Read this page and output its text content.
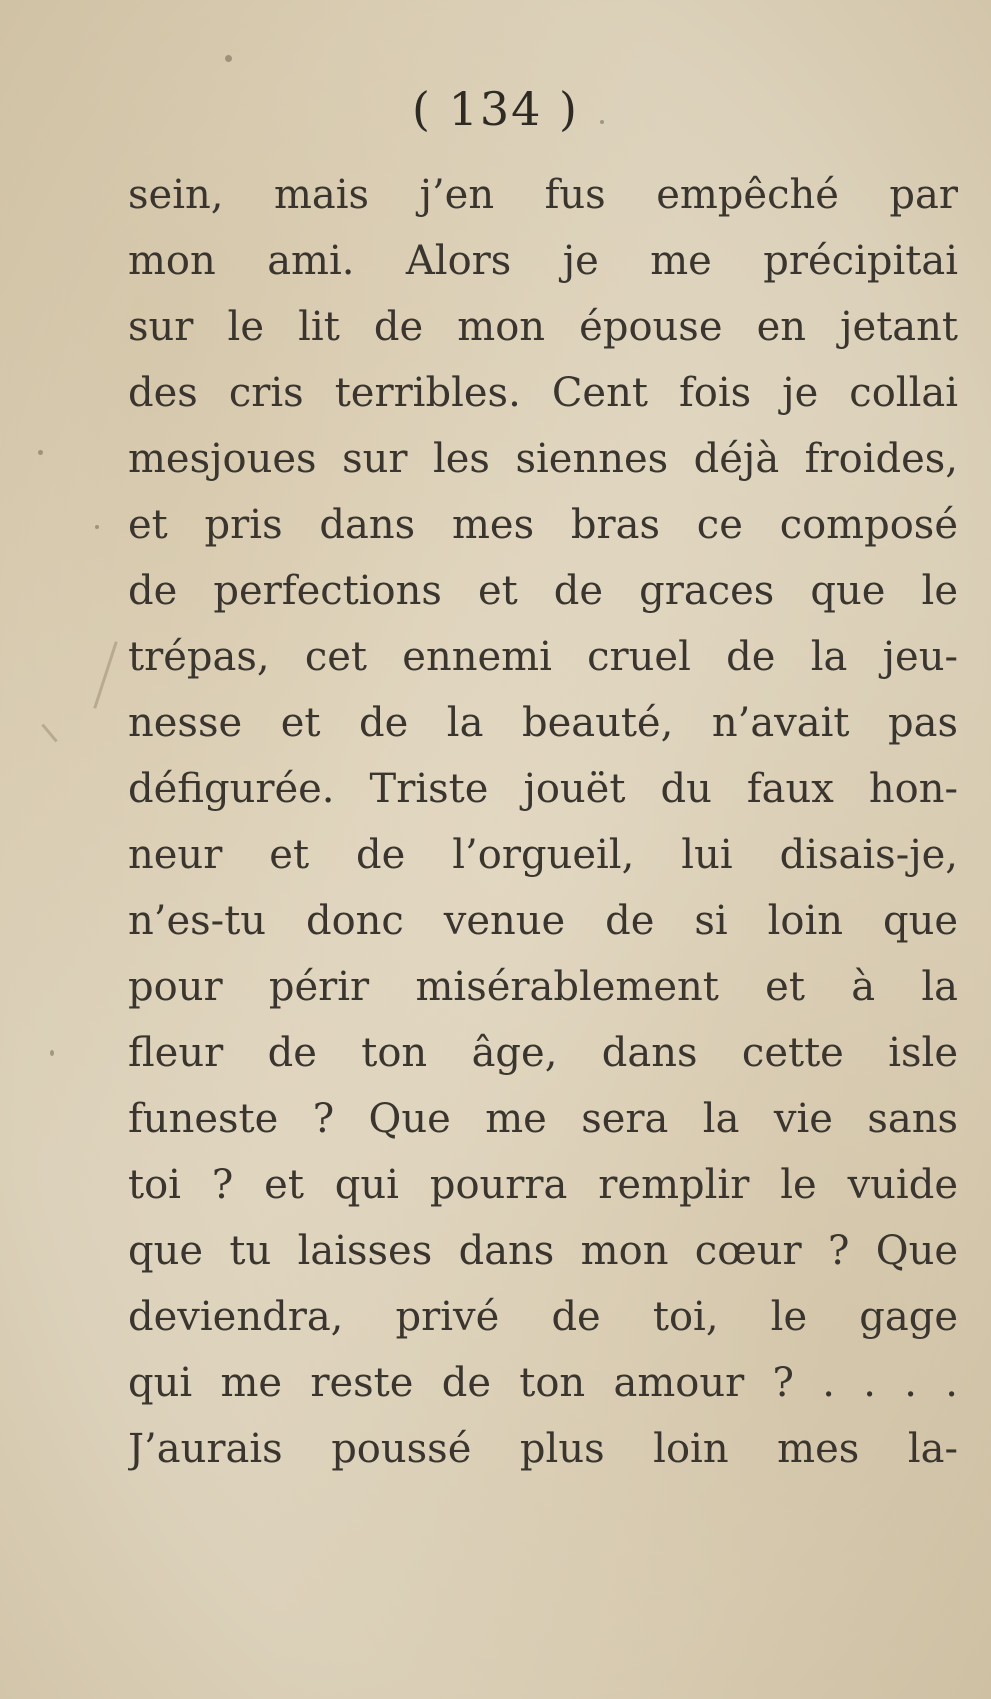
( 134 )
sein, mais j’en fus empêché par
mon ami. Alors je me précipitai
sur le lit de mon épouse en jetant
des cris terribles. Cent fois je collai
mesjoues sur les siennes déjà froides,
et pris dans mes bras ce composé
de perfections et de graces que le
trépas, cet ennemi cruel de la jeu-
nesse et de la beauté, n’avait pas
défigurée. Triste jouët du faux hon-
neur et de l’orgueil, lui disais-je,
n’es-tu donc venue de si loin que
pour périr misérablement et à la
fleur de ton âge, dans cette isle
funeste ? Que me sera la vie sans
toi ? et qui pourra remplir le vuide
que tu laisses dans mon cœur ? Que
deviendra, privé de toi, le gage
qui me reste de ton amour ? . . . .
J’aurais poussé plus loin mes la-
